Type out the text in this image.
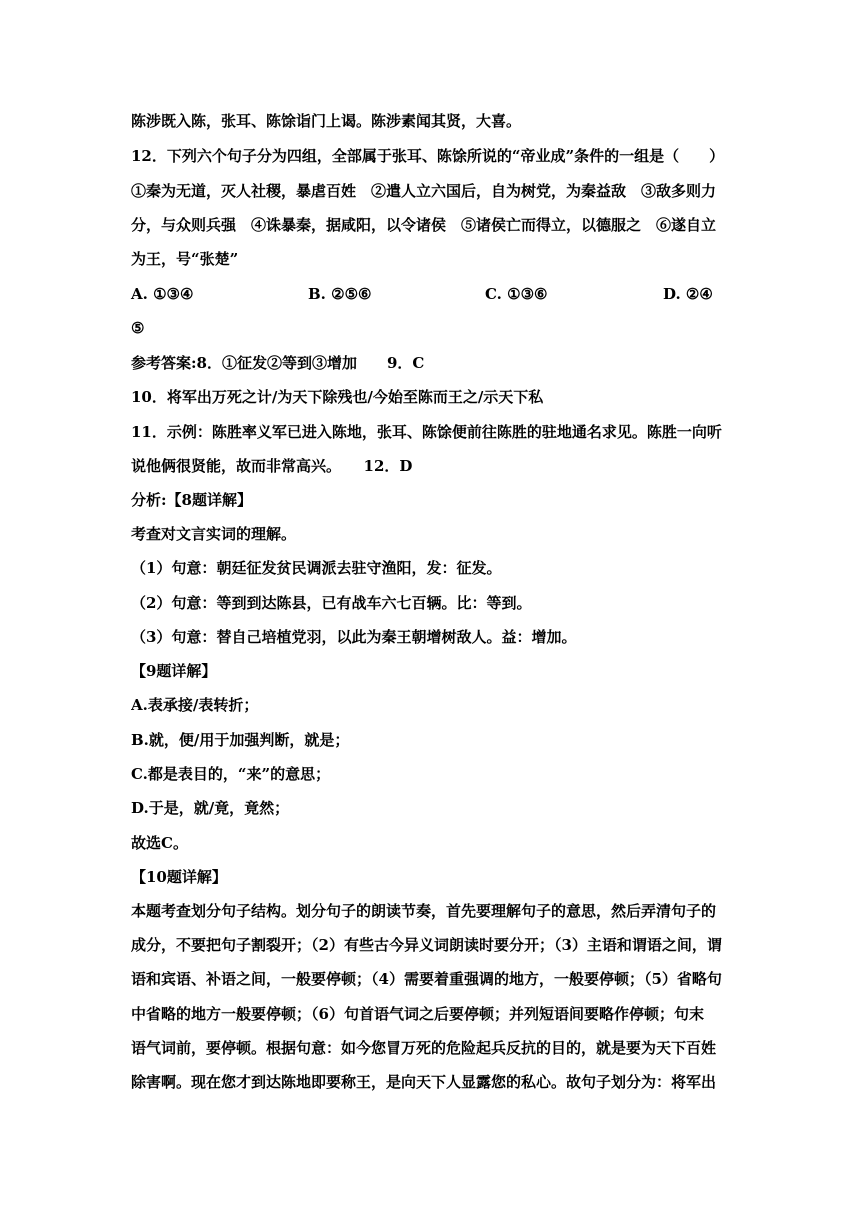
陈涉既入陈，张耳、陈馀诣门上谒。陈涉素闻其贤，大喜。
12．下列六个句子分为四组，全部属于张耳、陈馀所说的“帝业成”条件的一组是（　　）
①秦为无道，灭人社稷，暴虐百姓　②遣人立六国后，自为树党，为秦益敌　③敌多则力
分，与众则兵强　④诛暴秦，据咸阳，以令诸侯　⑤诸侯亡而得立，以德服之　⑥遂自立
为王，号“张楚”
A. ①③④	B. ②⑤⑥	C. ①③⑥	D. ②④
⑤
参考答案:8．①征发②等到③增加　　9．C
10．将军出万死之计/为天下除残也/今始至陈而王之/示天下私
11．示例：陈胜率义军已进入陈地，张耳、陈馀便前往陈胜的驻地通名求见。陈胜一向听
说他俩很贤能，故而非常高兴。　　12．D
分析:【8题详解】
考查对文言实词的理解。
（1）句意：朝廷征发贫民调派去驻守渔阳，发：征发。
（2）句意：等到到达陈县，已有战车六七百辆。比：等到。
（3）句意：替自己培植党羽，以此为秦王朝增树敌人。益：增加。
【9题详解】
A.表承接/表转折；
B.就，便/用于加强判断，就是；
C.都是表目的，“来”的意思；
D.于是，就/竟，竟然；
故选C。
【10题详解】
本题考查划分句子结构。划分句子的朗读节奏，首先要理解句子的意思，然后弄清句子的
成分，不要把句子割裂开；（2）有些古今异义词朗读时要分开；（3）主语和谓语之间，谓
语和宾语、补语之间，一般要停顿；（4）需要着重强调的地方，一般要停顿；（5）省略句
中省略的地方一般要停顿；（6）句首语气词之后要停顿；并列短语间要略作停顿；句末
语气词前，要停顿。根据句意：如今您冒万死的危险起兵反抗的目的，就是要为天下百姓
除害啊。现在您才到达陈地即要称王，是向天下人显露您的私心。故句子划分为：将军出
